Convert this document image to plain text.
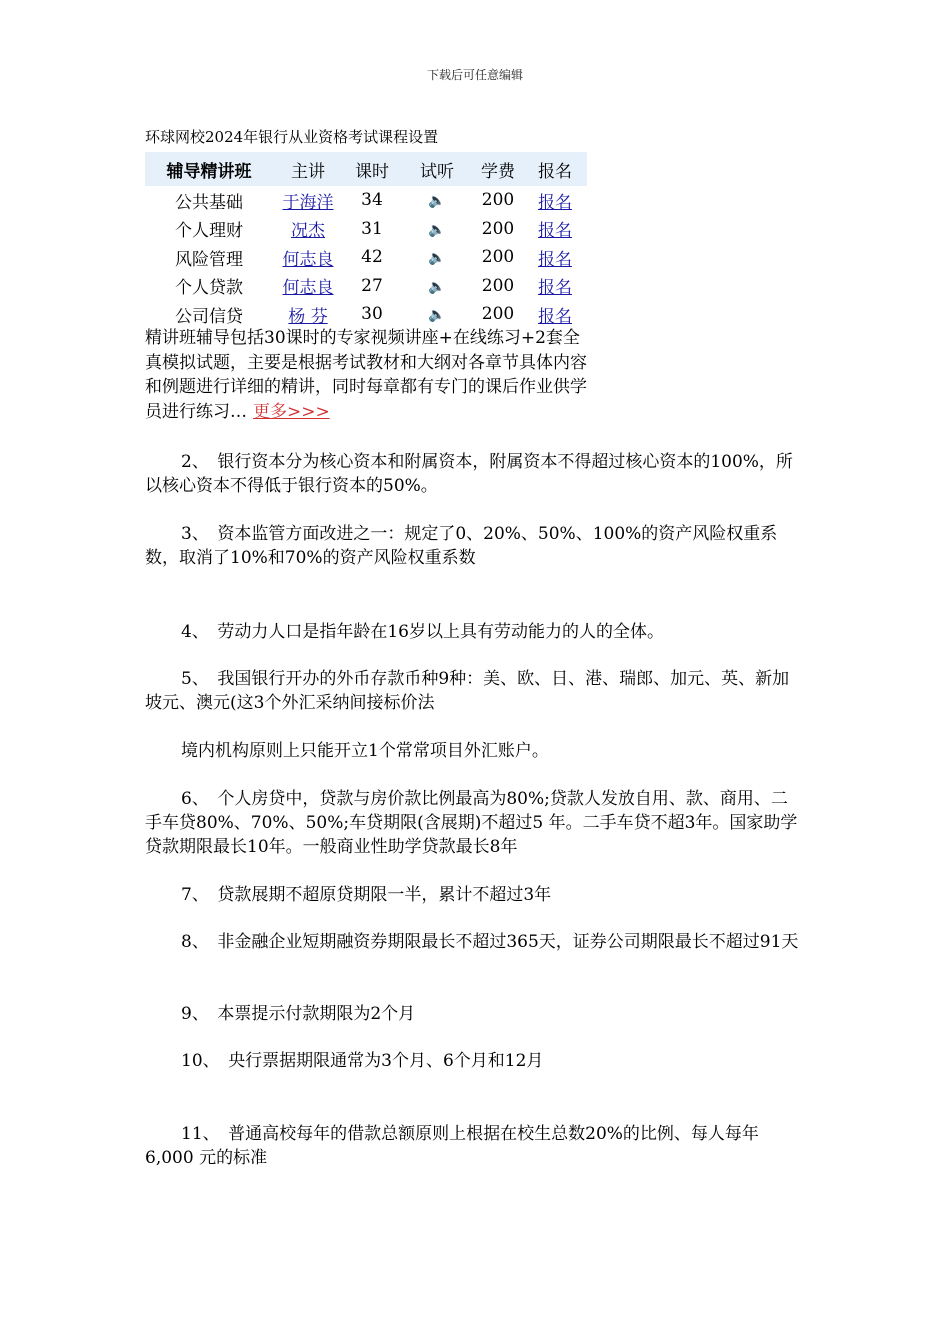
下载后可任意编辑
环球网校2024年银行从业资格考试课程设置
辅导精讲班	主讲	课时	试听	学费	报名
公共基础	于海洋	34	🔈	200	报名
个人理财	况杰	31	🔈	200	报名
风险管理	何志良	42	🔈	200	报名
个人贷款	何志良	27	🔈	200	报名
公司信贷	杨 芬	30	🔈	200	报名
精讲班辅导包括30课时的专家视频讲座+在线练习+2套全真模拟试题，主要是根据考试教材和大纲对各章节具体内容和例题进行详细的精讲，同时每章都有专门的课后作业供学员进行练习… 更多>>>

2、　银行资本分为核心资本和附属资本，附属资本不得超过核心资本的100%，所以核心资本不得低于银行资本的50%。

3、　资本监管方面改进之一：规定了0、20%、50%、100%的资产风险权重系数，取消了10%和70%的资产风险权重系数

4、　劳动力人口是指年龄在16岁以上具有劳动能力的人的全体。

5、　我国银行开办的外币存款币种9种：美、欧、日、港、瑞郎、加元、英、新加坡元、澳元(这3个外汇采纳间接标价法

境内机构原则上只能开立1个常常项目外汇账户。

6、　个人房贷中，贷款与房价款比例最高为80%;贷款人发放自用、款、商用、二手车贷80%、70%、50%;车贷期限(含展期)不超过5 年。二手车贷不超3年。国家助学贷款期限最长10年。一般商业性助学贷款最长8年

7、　贷款展期不超原贷期限一半，累计不超过3年

8、　非金融企业短期融资券期限最长不超过365天，证券公司期限最长不超过91天

9、　本票提示付款期限为2个月

10、　央行票据期限通常为3个月、6个月和12月

11、　普通高校每年的借款总额原则上根据在校生总数20%的比例、每人每年6,000 元的标准
